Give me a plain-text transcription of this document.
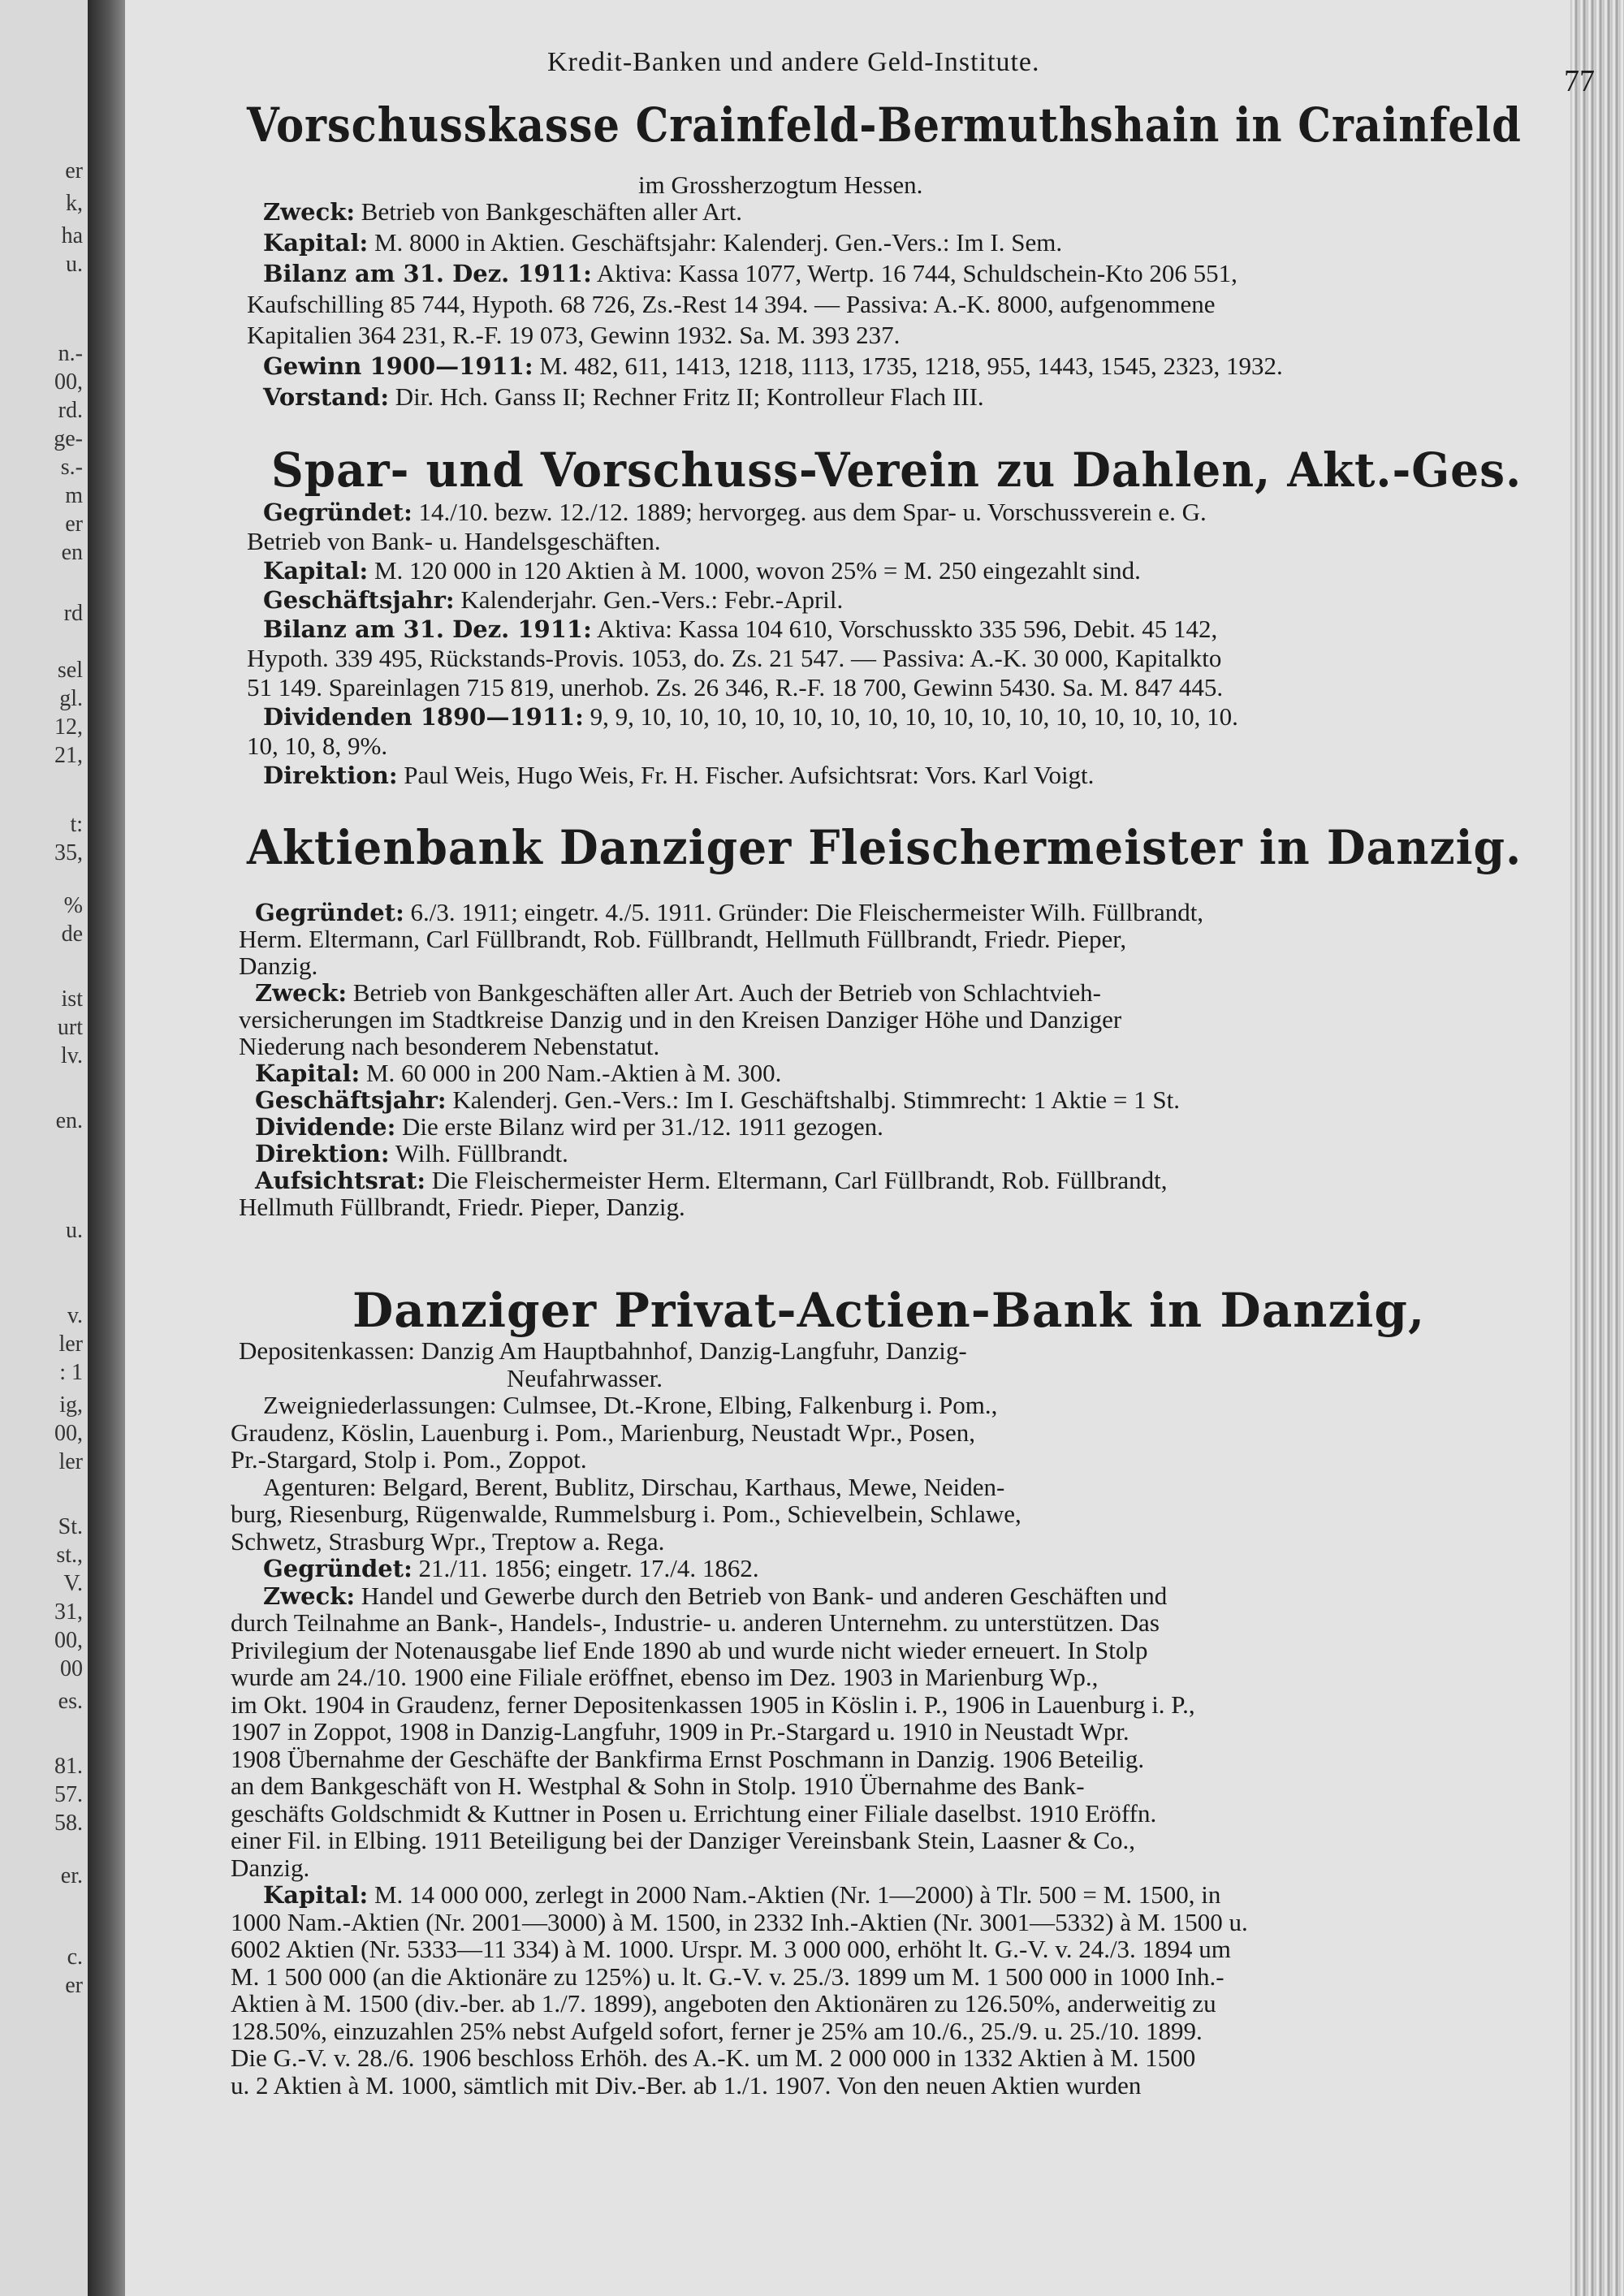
er
k,
ha
u.
n.-
00,
rd.
ge-
s.-
m
er
en
rd
sel
gl.
12,
21,
t:
35,
%
de
ist
urt
lv.
en.
u.
v.
ler
: 1
ig,
00,
ler
St.
st.,
V.
31,
00,
00
es.
81.
57.
58.
er.
c.
er
Kredit-Banken und andere Geld-Institute.
77
Vorschusskasse Crainfeld-Bermuthshain in Crainfeld
im Grossherzogtum Hessen.
Zweck: Betrieb von Bankgeschäften aller Art.
Kapital: M. 8000 in Aktien. Geschäftsjahr: Kalenderj. Gen.-Vers.: Im I. Sem.
Bilanz am 31. Dez. 1911: Aktiva: Kassa 1077, Wertp. 16 744, Schuldschein-Kto 206 551,
Kaufschilling 85 744, Hypoth. 68 726, Zs.-Rest 14 394. — Passiva: A.-K. 8000, aufgenommene
Kapitalien 364 231, R.-F. 19 073, Gewinn 1932. Sa. M. 393 237.
Gewinn 1900—1911: M. 482, 611, 1413, 1218, 1113, 1735, 1218, 955, 1443, 1545, 2323, 1932.
Vorstand: Dir. Hch. Ganss II; Rechner Fritz II; Kontrolleur Flach III.
Spar- und Vorschuss-Verein zu Dahlen, Akt.-Ges.
Gegründet: 14./10. bezw. 12./12. 1889; hervorgeg. aus dem Spar- u. Vorschussverein e. G.
Betrieb von Bank- u. Handelsgeschäften.
Kapital: M. 120 000 in 120 Aktien à M. 1000, wovon 25% = M. 250 eingezahlt sind.
Geschäftsjahr: Kalenderjahr. Gen.-Vers.: Febr.-April.
Bilanz am 31. Dez. 1911: Aktiva: Kassa 104 610, Vorschusskto 335 596, Debit. 45 142,
Hypoth. 339 495, Rückstands-Provis. 1053, do. Zs. 21 547. — Passiva: A.-K. 30 000, Kapitalkto
51 149. Spareinlagen 715 819, unerhob. Zs. 26 346, R.-F. 18 700, Gewinn 5430. Sa. M. 847 445.
Dividenden 1890—1911: 9, 9, 10, 10, 10, 10, 10, 10, 10, 10, 10, 10, 10, 10, 10, 10, 10, 10.
10, 10, 8, 9%.
Direktion: Paul Weis, Hugo Weis, Fr. H. Fischer. Aufsichtsrat: Vors. Karl Voigt.
Aktienbank Danziger Fleischermeister in Danzig.
Gegründet: 6./3. 1911; eingetr. 4./5. 1911. Gründer: Die Fleischermeister Wilh. Füllbrandt,
Herm. Eltermann, Carl Füllbrandt, Rob. Füllbrandt, Hellmuth Füllbrandt, Friedr. Pieper,
Danzig.
Zweck: Betrieb von Bankgeschäften aller Art. Auch der Betrieb von Schlachtvieh-
versicherungen im Stadtkreise Danzig und in den Kreisen Danziger Höhe und Danziger
Niederung nach besonderem Nebenstatut.
Kapital: M. 60 000 in 200 Nam.-Aktien à M. 300.
Geschäftsjahr: Kalenderj. Gen.-Vers.: Im I. Geschäftshalbj. Stimmrecht: 1 Aktie = 1 St.
Dividende: Die erste Bilanz wird per 31./12. 1911 gezogen.
Direktion: Wilh. Füllbrandt.
Aufsichtsrat: Die Fleischermeister Herm. Eltermann, Carl Füllbrandt, Rob. Füllbrandt,
Hellmuth Füllbrandt, Friedr. Pieper, Danzig.
Danziger Privat-Actien-Bank in Danzig,
Depositenkassen: Danzig Am Hauptbahnhof, Danzig-Langfuhr, Danzig-
Neufahrwasser.
Zweigniederlassungen: Culmsee, Dt.-Krone, Elbing, Falkenburg i. Pom.,
Graudenz, Köslin, Lauenburg i. Pom., Marienburg, Neustadt Wpr., Posen,
Pr.-Stargard, Stolp i. Pom., Zoppot.
Agenturen: Belgard, Berent, Bublitz, Dirschau, Karthaus, Mewe, Neiden-
burg, Riesenburg, Rügenwalde, Rummelsburg i. Pom., Schievelbein, Schlawe,
Schwetz, Strasburg Wpr., Treptow a. Rega.
Gegründet: 21./11. 1856; eingetr. 17./4. 1862.
Zweck: Handel und Gewerbe durch den Betrieb von Bank- und anderen Geschäften und
durch Teilnahme an Bank-, Handels-, Industrie- u. anderen Unternehm. zu unterstützen. Das
Privilegium der Notenausgabe lief Ende 1890 ab und wurde nicht wieder erneuert. In Stolp
wurde am 24./10. 1900 eine Filiale eröffnet, ebenso im Dez. 1903 in Marienburg Wp.,
im Okt. 1904 in Graudenz, ferner Depositenkassen 1905 in Köslin i. P., 1906 in Lauenburg i. P.,
1907 in Zoppot, 1908 in Danzig-Langfuhr, 1909 in Pr.-Stargard u. 1910 in Neustadt Wpr.
1908 Übernahme der Geschäfte der Bankfirma Ernst Poschmann in Danzig. 1906 Beteilig.
an dem Bankgeschäft von H. Westphal & Sohn in Stolp. 1910 Übernahme des Bank-
geschäfts Goldschmidt & Kuttner in Posen u. Errichtung einer Filiale daselbst. 1910 Eröffn.
einer Fil. in Elbing. 1911 Beteiligung bei der Danziger Vereinsbank Stein, Laasner & Co.,
Danzig.
Kapital: M. 14 000 000, zerlegt in 2000 Nam.-Aktien (Nr. 1—2000) à Tlr. 500 = M. 1500, in
1000 Nam.-Aktien (Nr. 2001—3000) à M. 1500, in 2332 Inh.-Aktien (Nr. 3001—5332) à M. 1500 u.
6002 Aktien (Nr. 5333—11 334) à M. 1000. Urspr. M. 3 000 000, erhöht lt. G.-V. v. 24./3. 1894 um
M. 1 500 000 (an die Aktionäre zu 125%) u. lt. G.-V. v. 25./3. 1899 um M. 1 500 000 in 1000 Inh.-
Aktien à M. 1500 (div.-ber. ab 1./7. 1899), angeboten den Aktionären zu 126.50%, anderweitig zu
128.50%, einzuzahlen 25% nebst Aufgeld sofort, ferner je 25% am 10./6., 25./9. u. 25./10. 1899.
Die G.-V. v. 28./6. 1906 beschloss Erhöh. des A.-K. um M. 2 000 000 in 1332 Aktien à M. 1500
u. 2 Aktien à M. 1000, sämtlich mit Div.-Ber. ab 1./1. 1907. Von den neuen Aktien wurden
